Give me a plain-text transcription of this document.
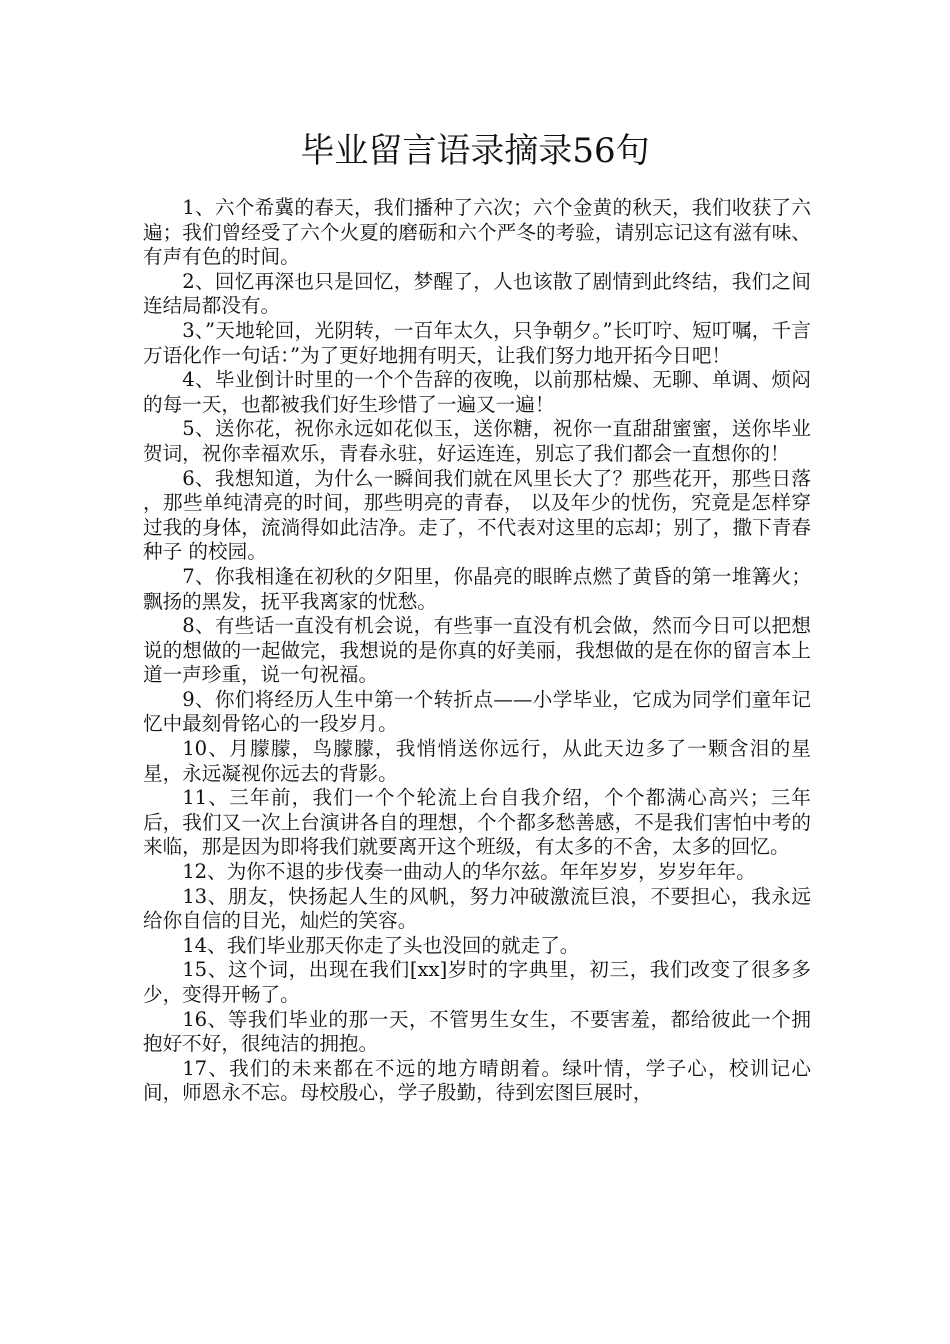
毕业留言语录摘录56句

1、六个希冀的春天，我们播种了六次；六个金黄的秋天，我们收获了六遍；我们曾经受了六个火夏的磨砺和六个严冬的考验，请别忘记这有滋有味、有声有色的时间。

2、回忆再深也只是回忆，梦醒了，人也该散了剧情到此终结，我们之间连结局都没有。

3、”天地轮回，光阴转，一百年太久，只争朝夕。”长叮咛、短叮嘱，千言万语化作一句话：”为了更好地拥有明天，让我们努力地开拓今日吧！

4、毕业倒计时里的一个个告辞的夜晚，以前那枯燥、无聊、单调、烦闷的每一天，也都被我们好生珍惜了一遍又一遍！

5、送你花，祝你永远如花似玉，送你糖，祝你一直甜甜蜜蜜，送你毕业贺词，祝你幸福欢乐，青春永驻，好运连连，别忘了我们都会一直想你的！

6、我想知道，为什么一瞬间我们就在风里长大了？那些花开，那些日落 ，那些单纯清亮的时间，那些明亮的青春， 以及年少的忧伤，究竟是怎样穿过我的身体，流淌得如此洁净。走了，不代表对这里的忘却；别了，撒下青春种子 的校园。

7、你我相逢在初秋的夕阳里，你晶亮的眼眸点燃了黄昏的第一堆篝火；飘扬的黑发，抚平我离家的忧愁。

8、有些话一直没有机会说，有些事一直没有机会做，然而今日可以把想说的想做的一起做完，我想说的是你真的好美丽，我想做的是在你的留言本上道一声珍重，说一句祝福。

9、你们将经历人生中第一个转折点——小学毕业，它成为同学们童年记忆中最刻骨铭心的一段岁月。

10、月朦朦，鸟朦朦，我悄悄送你远行，从此天边多了一颗含泪的星星，永远凝视你远去的背影。

11、三年前，我们一个个轮流上台自我介绍，个个都满心高兴；三年后，我们又一次上台演讲各自的理想，个个都多愁善感，不是我们害怕中考的来临，那是因为即将我们就要离开这个班级，有太多的不舍，太多的回忆。

12、为你不退的步伐奏一曲动人的华尔兹。年年岁岁，岁岁年年。

13、朋友，快扬起人生的风帆，努力冲破激流巨浪，不要担心，我永远给你自信的目光，灿烂的笑容。

14、我们毕业那天你走了头也没回的就走了。

15、这个词，出现在我们[xx]岁时的字典里，初三，我们改变了很多多少，变得开畅了。

16、等我们毕业的那一天，不管男生女生，不要害羞，都给彼此一个拥抱好不好，很纯洁的拥抱。

17、我们的未来都在不远的地方晴朗着。绿叶情，学子心，校训记心间，师恩永不忘。母校殷心，学子殷勤，待到宏图巨展时，
